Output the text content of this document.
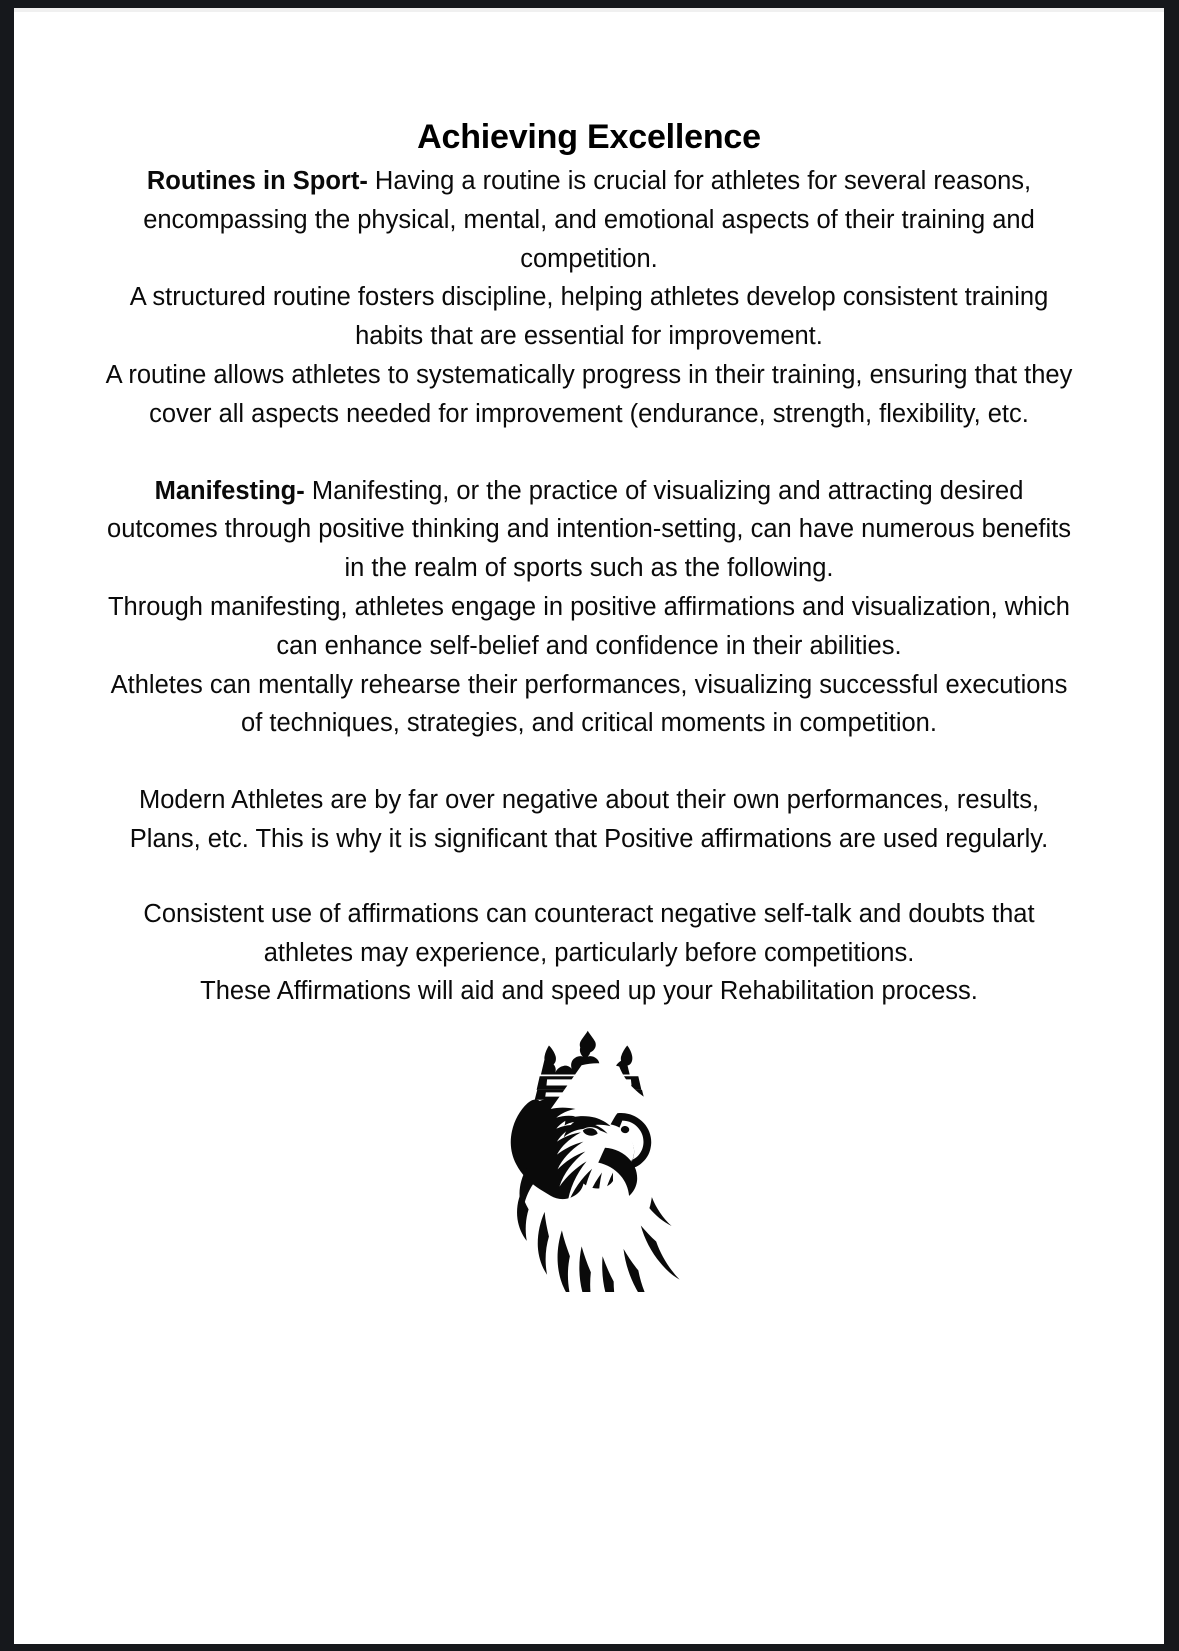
Achieving Excellence

Routines in Sport- Having a routine is crucial for athletes for several reasons, encompassing the physical, mental, and emotional aspects of their training and competition.

A structured routine fosters discipline, helping athletes develop consistent training habits that are essential for improvement.

A routine allows athletes to systematically progress in their training, ensuring that they cover all aspects needed for improvement (endurance, strength, flexibility, etc.

Manifesting- Manifesting, or the practice of visualizing and attracting desired outcomes through positive thinking and intention-setting, can have numerous benefits in the realm of sports such as the following.

Through manifesting, athletes engage in positive affirmations and visualization, which can enhance self-belief and confidence in their abilities.

Athletes can mentally rehearse their performances, visualizing successful executions of techniques, strategies, and critical moments in competition.

Modern Athletes are by far over negative about their own performances, results, Plans, etc. This is why it is significant that Positive affirmations are used regularly.

Consistent use of affirmations can counteract negative self-talk and doubts that athletes may experience, particularly before competitions.

These Affirmations will aid and speed up your Rehabilitation process.
